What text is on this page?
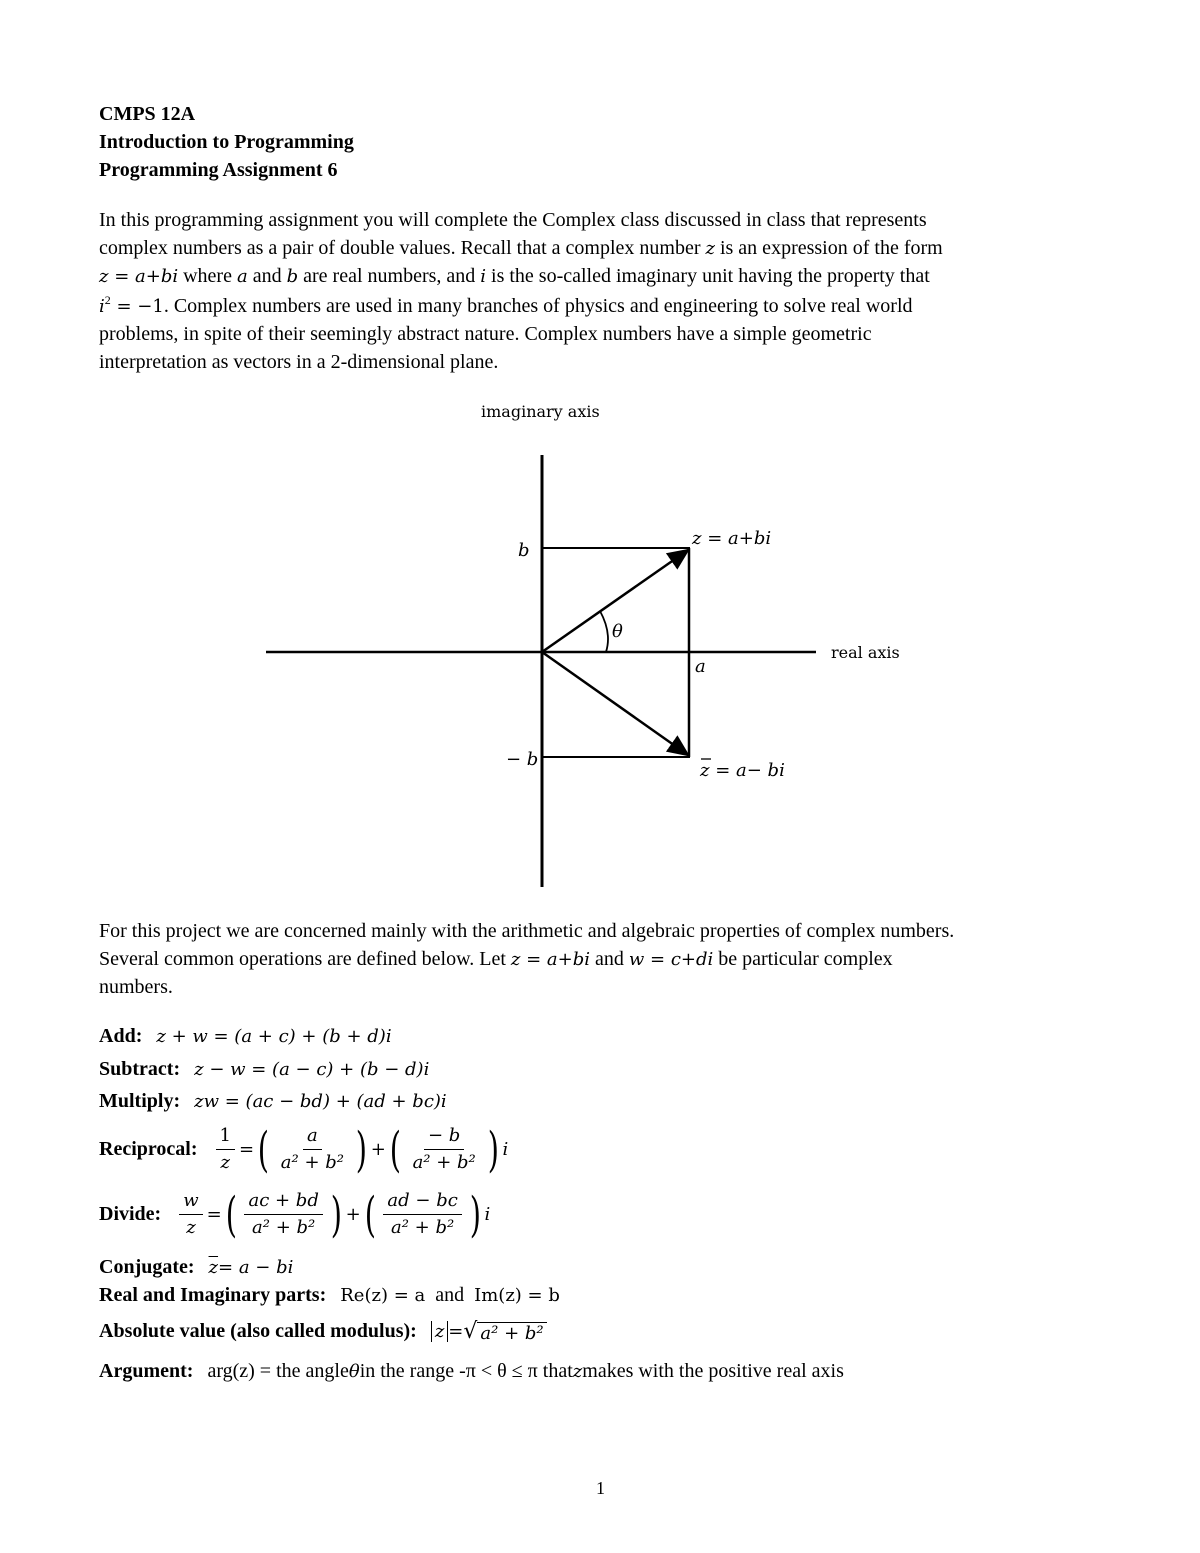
CMPS 12A
Introduction to Programming
Programming Assignment 6
In this programming assignment you will complete the Complex class discussed in class that represents
complex numbers as a pair of double values. Recall that a complex number z is an expression of the form
z = a+bi where a and b are real numbers, and i is the so-called imaginary unit having the property that
$i^2 = -1$. Complex numbers are used in many branches of physics and engineering to solve real world
problems, in spite of their seemingly abstract nature. Complex numbers have a simple geometric
interpretation as vectors in a 2-dimensional plane.
imaginary axis
real axis
b
− b
a
θ
z = a+bi
z = a− bi
For this project we are concerned mainly with the arithmetic and algebraic properties of complex numbers.
Several common operations are defined below. Let z = a+bi and w = c+di be particular complex
numbers.
Add: z + w = (a + c) + (b + d)i
Subtract: z − w = (a − c) + (b − d)i
Multiply: zw = (ac − bd) + (ad + bc)i
Reciprocal: $\frac{1}{z}$ = ( $\frac{a}{\text{a² + b²}}$ ) + ( $\frac{- b}{\text{a² + b²}}$ ) i
Divide: $\frac{w}{z}$ = ( $\frac{ac + bd}{\text{a² + b²}}$ ) + ( $\frac{ad - bc}{\text{a² + b²}}$ ) i
Conjugate: $\overline{z} = a$ − bi
Real and Imaginary parts: Re(z) = a and Im(z) = b
Absolute value (also called modulus): z = √ a² + b²
Argument: arg(z) = the angle θ in the range -π < θ ≤ π that z makes with the positive real axis
1
